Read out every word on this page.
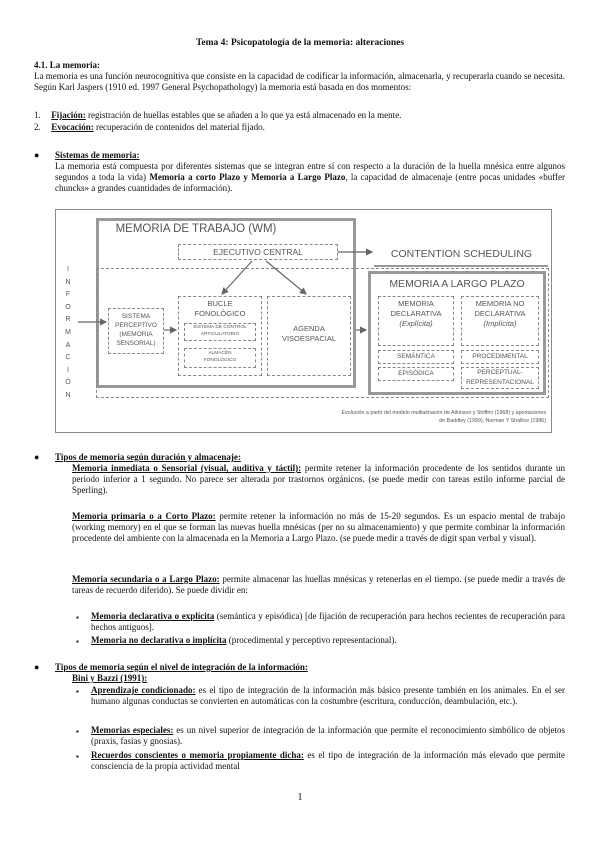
Tema 4: Psicopatología de la memoria: alteraciones
4.1. La memoria:
La memoria es una función neurocognitiva que consiste en la capacidad de codificar la información, almacenarla, y recuperarla cuando se necesita. Según Karl Jaspers (1910 ed. 1997 General Psychopathology) la memoria está basada en dos momentos:
1. Fijación: registración de huellas estables que se añaden a lo que ya está almacenado en la mente.
2. Evocación: recuperación de contenidos del material fijado.
● Sistemas de memoria:
La memoria está compuesta por diferentes sistemas que se integran entre sí con respecto a la duración de la huella mnésica entre algunos segundos a toda la vida) Memoria a corto Plazo y Memoria a Largo Plazo, la capacidad de almacenaje (entre pocas unidades «buffer chuncks» a grandes cuantidades de información).
I
N
F
O
R
M
A
C
I
Ó
N
MEMORIA DE TRABAJO (WM)
EJECUTIVO CENTRAL	CONTENTION SCHEDULING
MEMORIA A LARGO PLAZO
SISTEMA
PERCEPTIVO
(MEMORIA
SENSORIAL)
BUCLE
FONOLÓGICO
SISTEMA DE CONTROL
ARTICULATORIO
ALMACÉN
FONOLÓGICO
AGENDA
VISOESPACIAL
MEMORIA
DECLARATIVA
(Explícita)
SEMÁNTICA
EPISÓDICA
MEMORIA NO
DECLARATIVA
(Implícita)
PROCEDIMENTAL
PERCEPTUAL-
REPRESENTACIONAL
Evolución a partir del modelo multialmacén de Atkinson y Shiffrin (1968) y aportaciones
de Baddley (1999), Norman Y Shallice (1986)
● Tipos de memoria según duración y almacenaje:
Memoria inmediata o Sensorial (visual, auditiva y táctil): permite retener la información procedente de los sentidos durante un periodo inferior a 1 segundo. No parece ser alterada por trastornos orgánicos. (se puede medir con tareas estilo informe parcial de Sperling).
Memoria primaria o a Corto Plazo: permite retener la información no más de 15-20 segundos. Es un espacio mental de trabajo (working memory) en el que se forman las nuevas huella mnésicas (per no su almacenamiento) y que permite combinar la información procedente del ambiente con la almacenada en la Memoria a Largo Plazo. (se puede medir a través de digit span verbal y visual).
Memoria secundaria o a Largo Plazo: permite almacenar las huellas mnésicas y retenerlas en el tiempo. (se puede medir a través de tareas de recuerdo diferido). Se puede dividir en:
▪ Memoria declarativa o explícita (semántica y episódica) [de fijación de recuperación para hechos recientes de recuperación para hechos antiguos].
▪ Memoria no declarativa o implícita (procedimental y perceptivo representacional).
● Tipos de memoria según el nivel de integración de la información:
Bini y Bazzi (1991):
▪ Aprendizaje condicionado: es el tipo de integración de la información más básico presente también en los animales. En el ser humano algunas conductas se convierten en automáticas con la costumbre (escritura, conducción, deambulación, etc.).
▪ Memorias especiales: es un nivel superior de integración de la información que permite el reconocimiento simbólico de objetos (praxis, fasias y gnosias).
▪ Recuerdos conscientes o memoria propiamente dicha: es el tipo de integración de la información más elevado que permite consciencia de la propia actividad mental
1
